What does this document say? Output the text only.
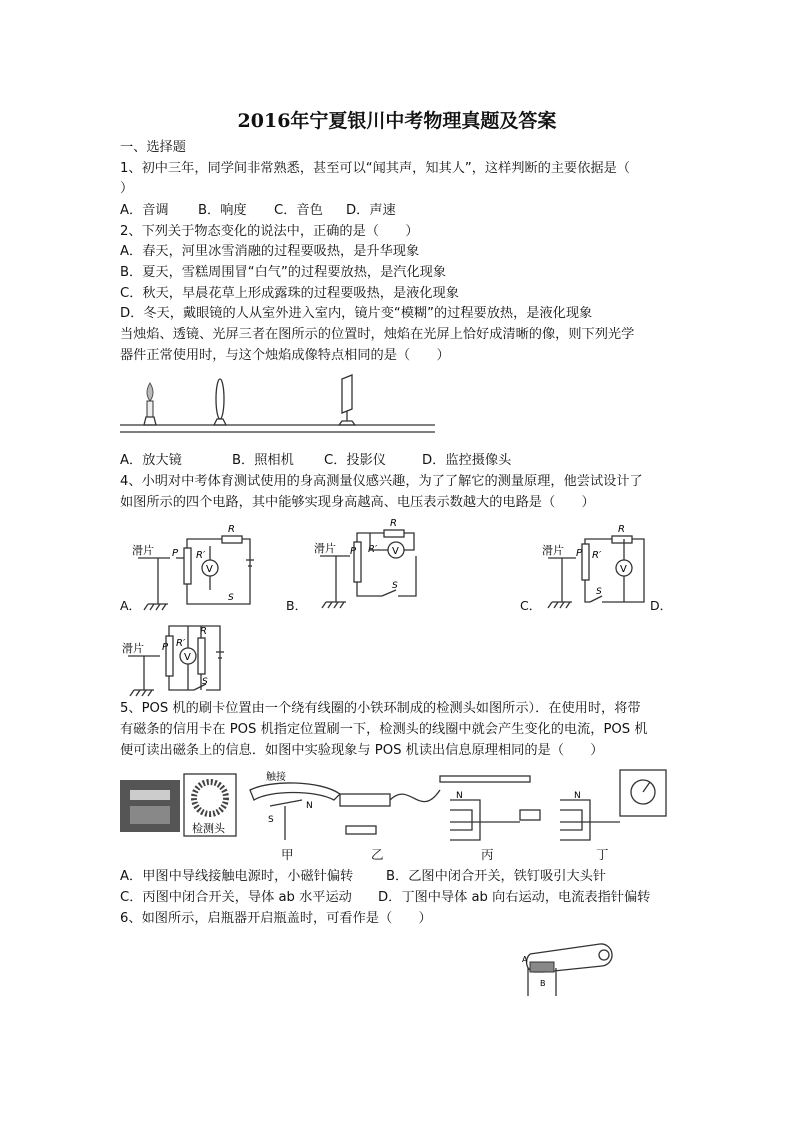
2016年宁夏银川中考物理真题及答案
一、选择题
1、初中三年，同学间非常熟悉，甚至可以“闻其声，知其人”，这样判断的主要依据是（
）
A．音调 B．响度 C．音色 D．声速
2、下列关于物态变化的说法中，正确的是（　　）
A．春天，河里冰雪消融的过程要吸热，是升华现象
B．夏天，雪糕周围冒“白气”的过程要放热，是汽化现象
C．秋天，早晨花草上形成露珠的过程要吸热，是液化现象
D．冬天，戴眼镜的人从室外进入室内，镜片变“模糊”的过程要放热，是液化现象
当烛焰、透镜、光屏三者在图所示的位置时，烛焰在光屏上恰好成清晰的像，则下列光学
器件正常使用时，与这个烛焰成像特点相同的是（　　）
A．放大镜	B．照相机 C．投影仪	D．监控摄像头
4、小明对中考体育测试使用的身高测量仪感兴趣，为了了解它的测量原理，他尝试设计了
如图所示的四个电路，其中能够实现身高越高、电压表示数越大的电路是（　　）
滑片 P R′
V
R
S
A．
滑片 P R′ V
R
S
B．
滑片 P R′
V
R
S
C．	D．
滑片 P R′
V
R
S
5、POS 机的刷卡位置由一个绕有线圈的小铁环制成的检测头如图所示）．在使用时，将带
有磁条的信用卡在 POS 机指定位置刷一下，检测头的线圈中就会产生变化的电流，POS 机
便可读出磁条上的信息．如图中实验现象与 POS 机读出信息原理相同的是（　　）
检测头
触接
S
N
N	N
甲	乙	丙	丁
A．甲图中导线接触电源时，小磁针偏转 B．乙图中闭合开关，铁钉吸引大头针
C．丙图中闭合开关，导体 ab 水平运动 D．丁图中导体 ab 向右运动，电流表指针偏转
6、如图所示，启瓶器开启瓶盖时，可看作是（　　）
A
B
